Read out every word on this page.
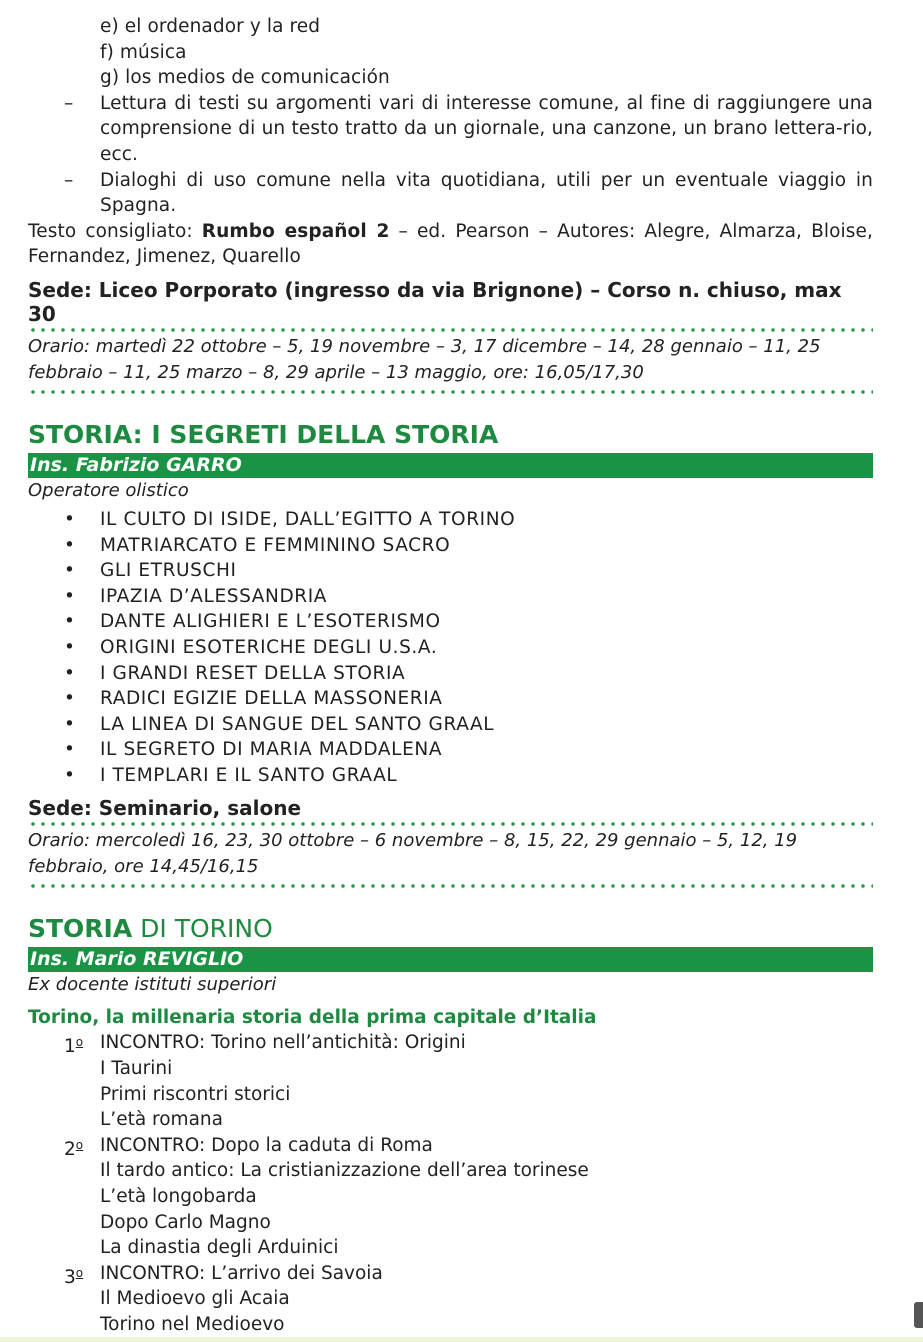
e) el ordenador y la red
f) música
g) los medios de comunicación
– Lettura di testi su argomenti vari di interesse comune, al fine di raggiungere una comprensione di un testo tratto da un giornale, una canzone, un brano lettera-rio, ecc.
– Dialoghi di uso comune nella vita quotidiana, utili per un eventuale viaggio in Spagna.
Testo consigliato: Rumbo español 2 – ed. Pearson – Autores: Alegre, Almarza, Bloise, Fernandez, Jimenez, Quarello
Sede: Liceo Porporato (ingresso da via Brignone) – Corso n. chiuso, max 30
Orario: martedì 22 ottobre – 5, 19 novembre – 3, 17 dicembre – 14, 28 gennaio – 11, 25 febbraio – 11, 25 marzo – 8, 29 aprile – 13 maggio, ore: 16,05/17,30
STORIA: I SEGRETI DELLA STORIA
Ins. Fabrizio GARRO
Operatore olistico
• IL CULTO DI ISIDE, DALL’EGITTO A TORINO
• MATRIARCATO E FEMMININO SACRO
• GLI ETRUSCHI
• IPAZIA D’ALESSANDRIA
• DANTE ALIGHIERI E L’ESOTERISMO
• ORIGINI ESOTERICHE DEGLI U.S.A.
• I GRANDI RESET DELLA STORIA
• RADICI EGIZIE DELLA MASSONERIA
• LA LINEA DI SANGUE DEL SANTO GRAAL
• IL SEGRETO DI MARIA MADDALENA
• I TEMPLARI E IL SANTO GRAAL
Sede: Seminario, salone
Orario: mercoledì 16, 23, 30 ottobre – 6 novembre – 8, 15, 22, 29 gennaio – 5, 12, 19 febbraio, ore 14,45/16,15
STORIA DI TORINO
Ins. Mario REVIGLIO
Ex docente istituti superiori
Torino, la millenaria storia della prima capitale d’Italia
1$^o$ INCONTRO: Torino nell’antichità: Origini
I Taurini
Primi riscontri storici
L’età romana
2$^o$ INCONTRO: Dopo la caduta di Roma
Il tardo antico: La cristianizzazione dell’area torinese
L’età longobarda
Dopo Carlo Magno
La dinastia degli Arduinici
3$^o$ INCONTRO: L’arrivo dei Savoia
Il Medioevo gli Acaia
Torino nel Medioevo
